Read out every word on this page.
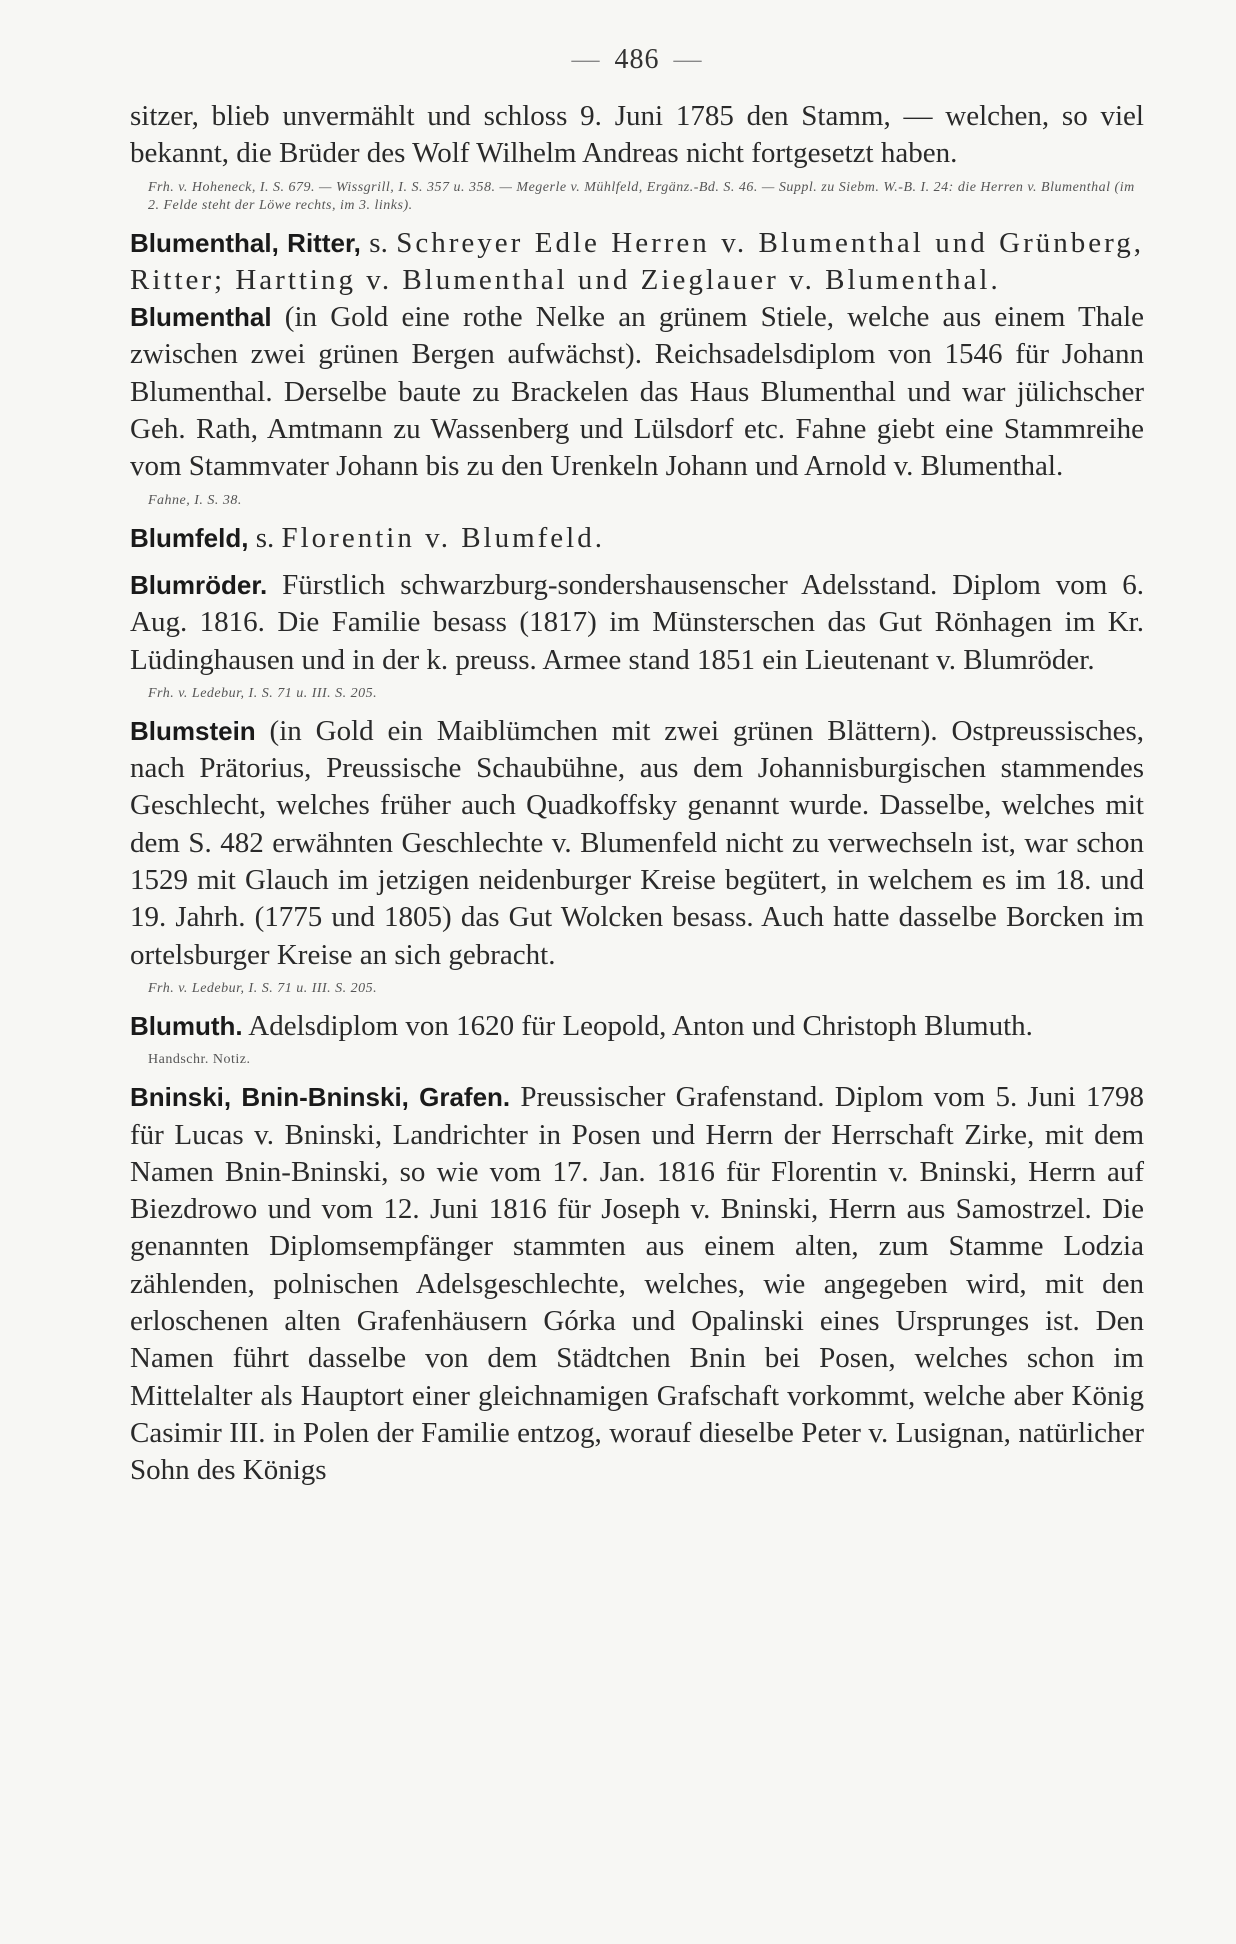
— 486 —

sitzer, blieb unvermählt und schloss 9. Juni 1785 den Stamm, — welchen, so viel bekannt, die Brüder des Wolf Wilhelm Andreas nicht fortgesetzt haben.

Frh. v. Hoheneck, I. S. 679. — Wissgrill, I. S. 357 u. 358. — Megerle v. Mühlfeld, Ergänz.-Bd. S. 46. — Suppl. zu Siebm. W.-B. I. 24: die Herren v. Blumenthal (im 2. Felde steht der Löwe rechts, im 3. links).

Blumenthal, Ritter, s. Schreyer Edle Herren v. Blumenthal und Grünberg, Ritter; Hartting v. Blumenthal und Zieglauer v. Blumenthal.

Blumenthal (in Gold eine rothe Nelke an grünem Stiele, welche aus einem Thale zwischen zwei grünen Bergen aufwächst). Reichsadelsdiplom von 1546 für Johann Blumenthal. Derselbe baute zu Brackelen das Haus Blumenthal und war jülichscher Geh. Rath, Amtmann zu Wassenberg und Lülsdorf etc. Fahne giebt eine Stammreihe vom Stammvater Johann bis zu den Urenkeln Johann und Arnold v. Blumenthal.

Fahne, I. S. 38.

Blumfeld, s. Florentin v. Blumfeld.

Blumröder. Fürstlich schwarzburg-sondershausenscher Adelsstand. Diplom vom 6. Aug. 1816. Die Familie besass (1817) im Münsterschen das Gut Rönhagen im Kr. Lüdinghausen und in der k. preuss. Armee stand 1851 ein Lieutenant v. Blumröder.

Frh. v. Ledebur, I. S. 71 u. III. S. 205.

Blumstein (in Gold ein Maiblümchen mit zwei grünen Blättern). Ostpreussisches, nach Prätorius, Preussische Schaubühne, aus dem Johannisburgischen stammendes Geschlecht, welches früher auch Quadkoffsky genannt wurde. Dasselbe, welches mit dem S. 482 erwähnten Geschlechte v. Blumenfeld nicht zu verwechseln ist, war schon 1529 mit Glauch im jetzigen neidenburger Kreise begütert, in welchem es im 18. und 19. Jahrh. (1775 und 1805) das Gut Wolcken besass. Auch hatte dasselbe Borcken im ortelsburger Kreise an sich gebracht.

Frh. v. Ledebur, I. S. 71 u. III. S. 205.

Blumuth. Adelsdiplom von 1620 für Leopold, Anton und Christoph Blumuth.

Handschr. Notiz.

Bninski, Bnin-Bninski, Grafen. Preussischer Grafenstand. Diplom vom 5. Juni 1798 für Lucas v. Bninski, Landrichter in Posen und Herrn der Herrschaft Zirke, mit dem Namen Bnin-Bninski, so wie vom 17. Jan. 1816 für Florentin v. Bninski, Herrn auf Biezdrowo und vom 12. Juni 1816 für Joseph v. Bninski, Herrn aus Samostrzel. Die genannten Diplomsempfänger stammten aus einem alten, zum Stamme Lodzia zählenden, polnischen Adelsgeschlechte, welches, wie angegeben wird, mit den erloschenen alten Grafenhäusern Górka und Opalinski eines Ursprunges ist. Den Namen führt dasselbe von dem Städtchen Bnin bei Posen, welches schon im Mittelalter als Hauptort einer gleichnamigen Grafschaft vorkommt, welche aber König Casimir III. in Polen der Familie entzog, worauf dieselbe Peter v. Lusignan, natürlicher Sohn des Königs
